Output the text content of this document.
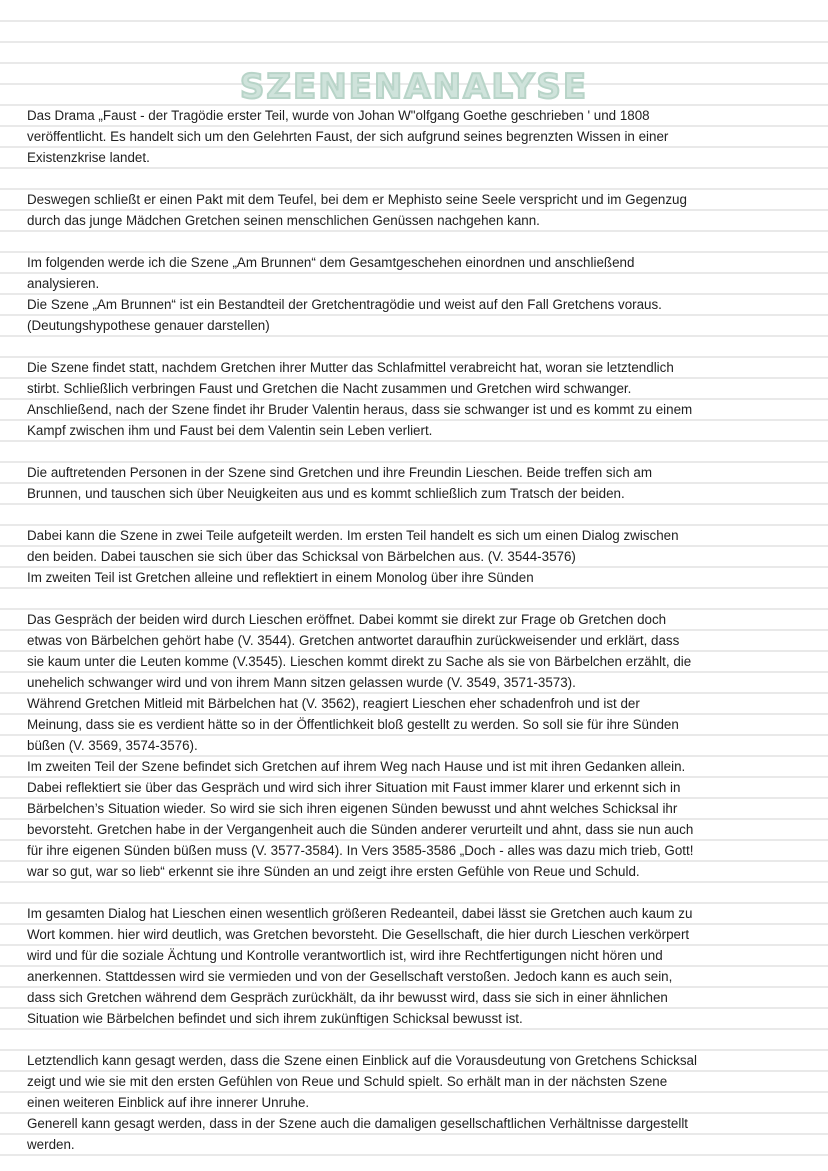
SZENENANALYSE

Das Drama „Faust - der Tragödie erster Teil, wurde von Johan W"olfgang Goethe geschrieben ' und 1808
veröffentlicht. Es handelt sich um den Gelehrten Faust, der sich aufgrund seines begrenzten Wissen in einer
Existenzkrise landet.

Deswegen schließt er einen Pakt mit dem Teufel, bei dem er Mephisto seine Seele verspricht und im Gegenzug
durch das junge Mädchen Gretchen seinen menschlichen Genüssen nachgehen kann.

Im folgenden werde ich die Szene „Am Brunnen“ dem Gesamtgeschehen einordnen und anschließend
analysieren.
Die Szene „Am Brunnen“ ist ein Bestandteil der Gretchentragödie und weist auf den Fall Gretchens voraus.
(Deutungshypothese genauer darstellen)

Die Szene findet statt, nachdem Gretchen ihrer Mutter das Schlafmittel verabreicht hat, woran sie letztendlich
stirbt. Schließlich verbringen Faust und Gretchen die Nacht zusammen und Gretchen wird schwanger.
Anschließend, nach der Szene findet ihr Bruder Valentin heraus, dass sie schwanger ist und es kommt zu einem
Kampf zwischen ihm und Faust bei dem Valentin sein Leben verliert.

Die auftretenden Personen in der Szene sind Gretchen und ihre Freundin Lieschen. Beide treffen sich am
Brunnen, und tauschen sich über Neuigkeiten aus und es kommt schließlich zum Tratsch der beiden.

Dabei kann die Szene in zwei Teile aufgeteilt werden. Im ersten Teil handelt es sich um einen Dialog zwischen
den beiden. Dabei tauschen sie sich über das Schicksal von Bärbelchen aus. (V. 3544-3576)
Im zweiten Teil ist Gretchen alleine und reflektiert in einem Monolog über ihre Sünden

Das Gespräch der beiden wird durch Lieschen eröffnet. Dabei kommt sie direkt zur Frage ob Gretchen doch
etwas von Bärbelchen gehört habe (V. 3544). Gretchen antwortet daraufhin zurückweisender und erklärt, dass
sie kaum unter die Leuten komme (V.3545). Lieschen kommt direkt zu Sache als sie von Bärbelchen erzählt, die
unehelich schwanger wird und von ihrem Mann sitzen gelassen wurde (V. 3549, 3571-3573).
Während Gretchen Mitleid mit Bärbelchen hat (V. 3562), reagiert Lieschen eher schadenfroh und ist der
Meinung, dass sie es verdient hätte so in der Öffentlichkeit bloß gestellt zu werden. So soll sie für ihre Sünden
büßen (V. 3569, 3574-3576).
Im zweiten Teil der Szene befindet sich Gretchen auf ihrem Weg nach Hause und ist mit ihren Gedanken allein.
Dabei reflektiert sie über das Gespräch und wird sich ihrer Situation mit Faust immer klarer und erkennt sich in
Bärbelchen’s Situation wieder. So wird sie sich ihren eigenen Sünden bewusst und ahnt welches Schicksal ihr
bevorsteht. Gretchen habe in der Vergangenheit auch die Sünden anderer verurteilt und ahnt, dass sie nun auch
für ihre eigenen Sünden büßen muss (V. 3577-3584). In Vers 3585-3586 „Doch - alles was dazu mich trieb, Gott!
war so gut, war so lieb“ erkennt sie ihre Sünden an und zeigt ihre ersten Gefühle von Reue und Schuld.

Im gesamten Dialog hat Lieschen einen wesentlich größeren Redeanteil, dabei lässt sie Gretchen auch kaum zu
Wort kommen. hier wird deutlich, was Gretchen bevorsteht. Die Gesellschaft, die hier durch Lieschen verkörpert
wird und für die soziale Ächtung und Kontrolle verantwortlich ist, wird ihre Rechtfertigungen nicht hören und
anerkennen. Stattdessen wird sie vermieden und von der Gesellschaft verstoßen. Jedoch kann es auch sein,
dass sich Gretchen während dem Gespräch zurückhält, da ihr bewusst wird, dass sie sich in einer ähnlichen
Situation wie Bärbelchen befindet und sich ihrem zukünftigen Schicksal bewusst ist.

Letztendlich kann gesagt werden, dass die Szene einen Einblick auf die Vorausdeutung von Gretchens Schicksal
zeigt und wie sie mit den ersten Gefühlen von Reue und Schuld spielt. So erhält man in der nächsten Szene
einen weiteren Einblick auf ihre innerer Unruhe.
Generell kann gesagt werden, dass in der Szene auch die damaligen gesellschaftlichen Verhältnisse dargestellt
werden.
